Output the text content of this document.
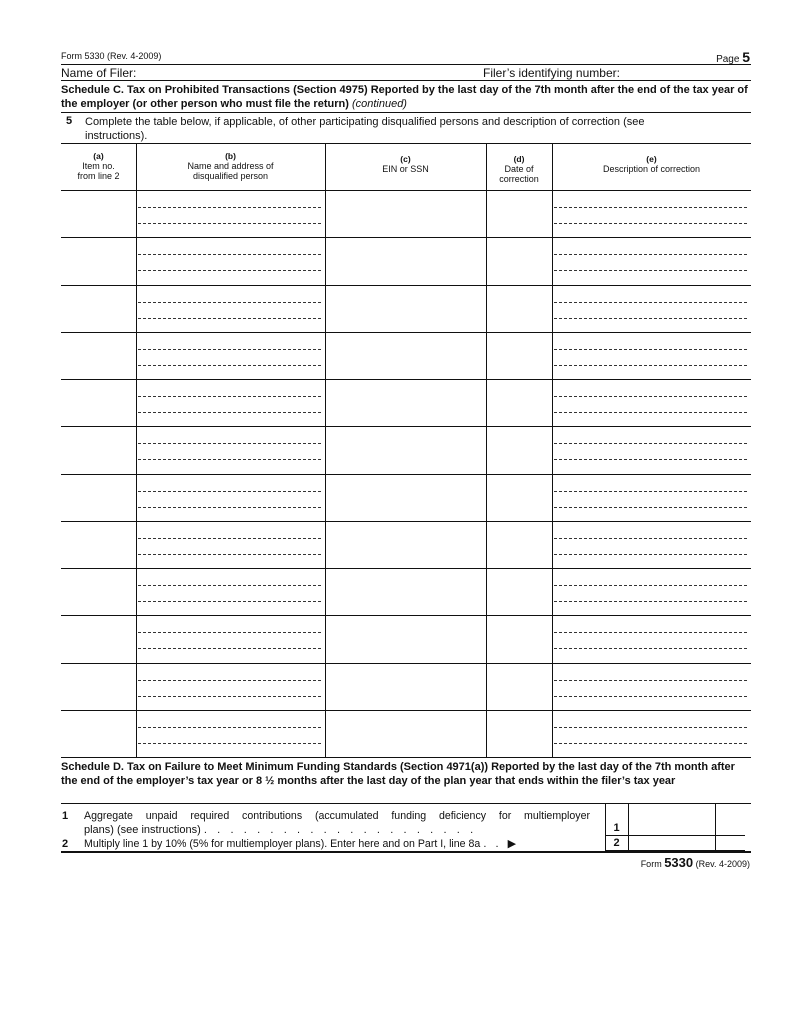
Form 5330 (Rev. 4-2009)	Page 5
Name of Filer:	Filer’s identifying number:
Schedule C. Tax on Prohibited Transactions (Section 4975) Reported by the last day of the 7th month after the end of the tax year of the employer (or other person who must file the return) (continued)
5 Complete the table below, if applicable, of other participating disqualified persons and description of correction (see instructions).
(a)
Item no. from line 2
(b)
Name and address of disqualified person
(c)
EIN or SSN
(d)
Date of correction
(e)
Description of correction
Schedule D. Tax on Failure to Meet Minimum Funding Standards (Section 4971(a)) Reported by the last day of the 7th month after the end of the employer’s tax year or 8 ½ months after the last day of the plan year that ends within the filer’s tax year
1 Aggregate unpaid required contributions (accumulated funding deficiency for multiemployer
plans) (see instructions) . . . . . . . . . . . . . . . . . . . . .
2 Multiply line 1 by 10% (5% for multiemployer plans). Enter here and on Part I, line 8a . . ▶
1
2
Form 5330 (Rev. 4-2009)
